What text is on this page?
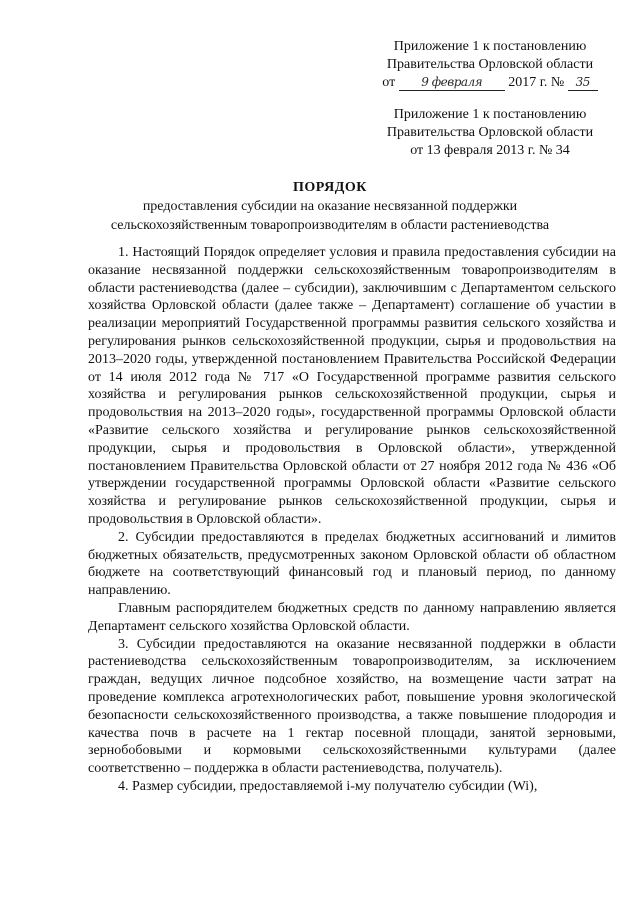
Приложение 1 к постановлению
Правительства Орловской области
от 9 февраля 2017 г. № 35
Приложение 1 к постановлению
Правительства Орловской области
от 13 февраля 2013 г. № 34
ПОРЯДОК
предоставления субсидии на оказание несвязанной поддержки
сельскохозяйственным товаропроизводителям в области растениеводства

1. Настоящий Порядок определяет условия и правила предоставления субсидии на оказание несвязанной поддержки сельскохозяйственным товаропроизводителям в области растениеводства (далее – субсидии), заключившим с Департаментом сельского хозяйства Орловской области (далее также – Департамент) соглашение об участии в реализации мероприятий Государственной программы развития сельского хозяйства и регулирования рынков сельскохозяйственной продукции, сырья и продовольствия на 2013–2020 годы, утвержденной постановлением Правительства Российской Федерации от 14 июля 2012 года № 717 «О Государственной программе развития сельского хозяйства и регулирования рынков сельскохозяйственной продукции, сырья и продовольствия на 2013–2020 годы», государственной программы Орловской области «Развитие сельского хозяйства и регулирование рынков сельскохозяйственной продукции, сырья и продовольствия в Орловской области», утвержденной постановлением Правительства Орловской области от 27 ноября 2012 года № 436 «Об утверждении государственной программы Орловской области «Развитие сельского хозяйства и регулирование рынков сельскохозяйственной продукции, сырья и продовольствия в Орловской области».

2. Субсидии предоставляются в пределах бюджетных ассигнований и лимитов бюджетных обязательств, предусмотренных законом Орловской области об областном бюджете на соответствующий финансовый год и плановый период, по данному направлению.

Главным распорядителем бюджетных средств по данному направлению является Департамент сельского хозяйства Орловской области.

3. Субсидии предоставляются на оказание несвязанной поддержки в области растениеводства сельскохозяйственным товаропроизводителям, за исключением граждан, ведущих личное подсобное хозяйство, на возмещение части затрат на проведение комплекса агротехнологических работ, повышение уровня экологической безопасности сельскохозяйственного производства, а также повышение плодородия и качества почв в расчете на 1 гектар посевной площади, занятой зерновыми, зернобобовыми и кормовыми сельскохозяйственными культурами (далее соответственно – поддержка в области растениеводства, получатель).

4. Размер субсидии, предоставляемой i-му получателю субсидии (Wi),
